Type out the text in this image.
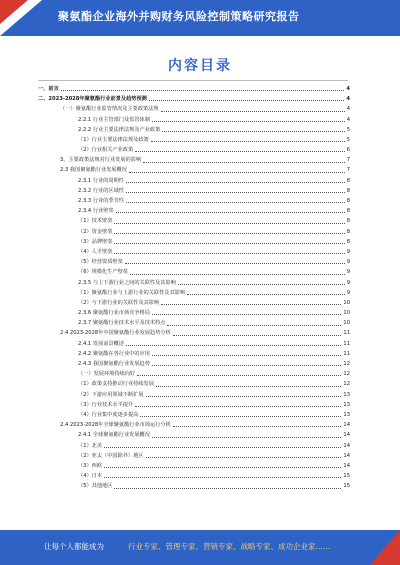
聚氨酯企业海外并购财务风险控制策略研究报告
内容目录
一、前言	4
二、2023-2028年聚氨酯行业前景及趋势预测	4
（一）聚氨酯行业监管情况及主要政策法规	4
2.2.1 行业主管部门及监管体制	4
2.2.2 行业主要法律法规及产业政策	5
（1）行业主要法律法规及政策	5
（2）行业相关产业政策	6
3、主要政策法规对行业发展的影响	7
2.3 我国聚氨酯行业发展概况	7
2.3.1 行业的周期性	8
2.3.2 行业的区域性	8
2.3.3 行业的季节性	8
2.3.4 行业壁垒	8
（1）技术壁垒	8
（2）资金壁垒	8
（3）品牌壁垒	8
（4）人才壁垒	9
（5）经营资质壁垒	9
（6）规模化生产壁垒	9
2.3.5 与上下游行业之间的关联性及其影响	9
（1）聚氨酯行业与上游行业的关联性及其影响	9
（2）与下游行业的关联性及其影响	10
2.3.6 聚氨酯行业市场竞争格局	10
2.3.7 聚氨酯行业技术水平及技术特点	10
2.4 2023-2028年中国聚氨酯行业发展趋势分析	11
2.4.1 发展前景概述	11
2.4.2 聚氨酯在各行业中的应用	11
2.4.3 我国聚氨酯行业发展趋势	12
（一）发展环境持续向好	12
（1）政策支持推动行业持续发展	12
（2）下游应用领域不断扩展	13
（3）行业技术水平提升	13
（4）行业集中度逐步提高	13
2.4 2023-2028年全球聚氨酯行业市场运行分析	14
2.4.1 全球聚氨酯行业发展概况	14
（1）北美	14
（2）亚太（中国除外）地区	14
（3）西欧	14
（4）日本	15
（5）其他地区	15
让每个人都能成为	行业专家、管理专家、营销专家、战略专家、成功企业家……
